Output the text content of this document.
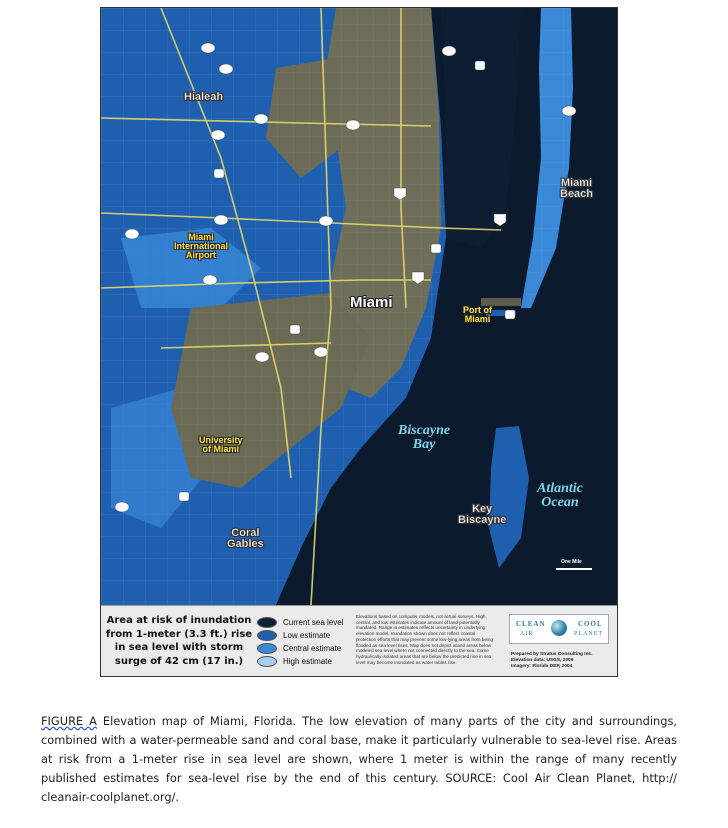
Hialeah
Miami
International
Airport
Miami
Miami
Beach
Port of
Miami
Biscayne
Bay
Atlantic
Ocean
University
of Miami
Key
Biscayne
Coral
Gables
One Mile
Area at risk of inundation from 1-meter (3.3 ft.) rise in sea level with storm surge of 42 cm (17 in.)
Current sea level
Low estimate
Central estimate
High estimate
Elevations based on computer models, not actual surveys. High, central, and low estimates indicate amount of land potentially inundated. Range in estimates reflects uncertainty in underlying elevation model. Inundation shown does not reflect coastal protection efforts that may prevent some low-lying areas from being flooded as sea level rises. Map does not depict inland areas below modeled sea level where not connected directly to the sea. Some hydraulically isolated areas that are below the predicted rise in sea level may become inundated as water tables rise.
CLEAN
AIR
COOL
PLANET
Prepared by Stratus Consulting Inc.
Elevation data: USGS, 2009
Imagery: Florida DEP, 2004
FIGURE A Elevation map of Miami, Florida. The low elevation of many parts of the city and surroundings, combined with a water-permeable sand and coral base, make it particularly vulnerable to sea-level rise. Areas at risk from a 1-meter rise in sea level are shown, where 1 meter is within the range of many recently published estimates for sea-level rise by the end of this century. SOURCE: Cool Air Clean Planet, http:// cleanair-coolplanet.org/.
